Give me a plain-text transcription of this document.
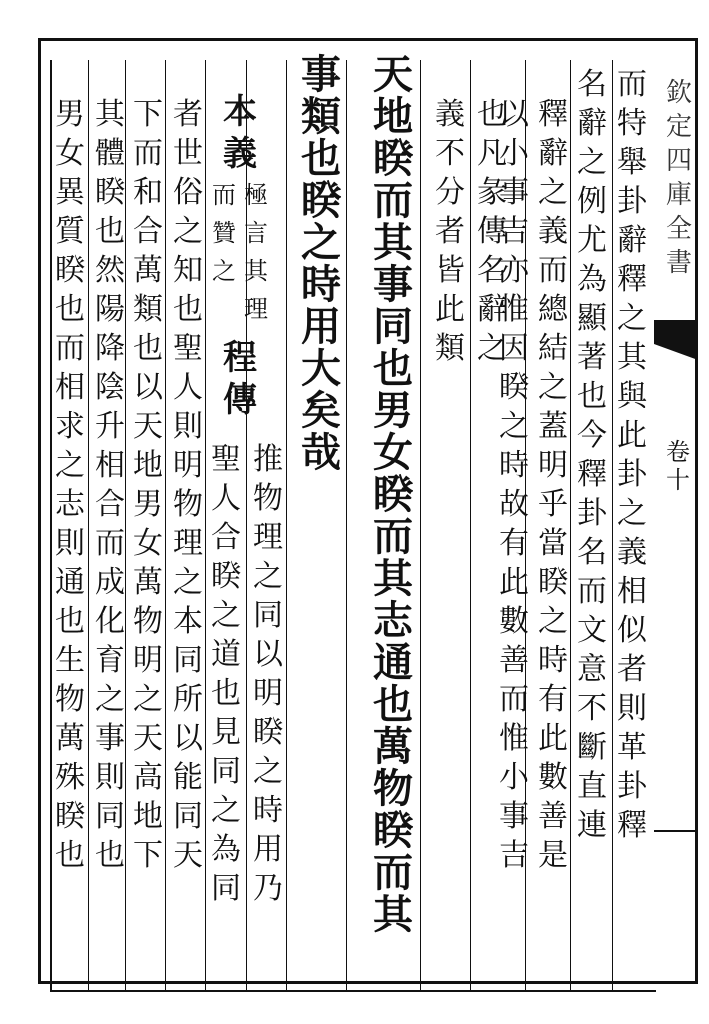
欽
定
四
庫
全
書
卷
十
而
特
舉
卦
辭
釋
之
其
與
此
卦
之
義
相
似
者
則
革
卦
釋
名
辭
之
例
尤
為
顯
著
也
今
釋
卦
名
而
文
意
不
斷
直
連
釋
辭
之
義
而
總
結
之
蓋
明
乎
當
睽
之
時
有
此
數
善
是
以
小
事
吉
亦
惟
因
睽
之
時
故
有
此
數
善
而
惟
小
事
吉
也
凡
彖
傳
名
辭
之
義
不
分
者
皆
此
類
天
地
睽
而
其
事
同
也
男
女
睽
而
其
志
通
也
萬
物
睽
而
其
事
類
也
睽
之
時
用
大
矣
哉
本
義
極
言
其
理
而
贊
之
程
傳
推
物
理
之
同
以
明
睽
之
時
用
乃
聖
人
合
睽
之
道
也
見
同
之
為
同
者
世
俗
之
知
也
聖
人
則
明
物
理
之
本
同
所
以
能
同
天
下
而
和
合
萬
類
也
以
天
地
男
女
萬
物
明
之
天
高
地
下
其
體
睽
也
然
陽
降
陰
升
相
合
而
成
化
育
之
事
則
同
也
男
女
異
質
睽
也
而
相
求
之
志
則
通
也
生
物
萬
殊
睽
也
